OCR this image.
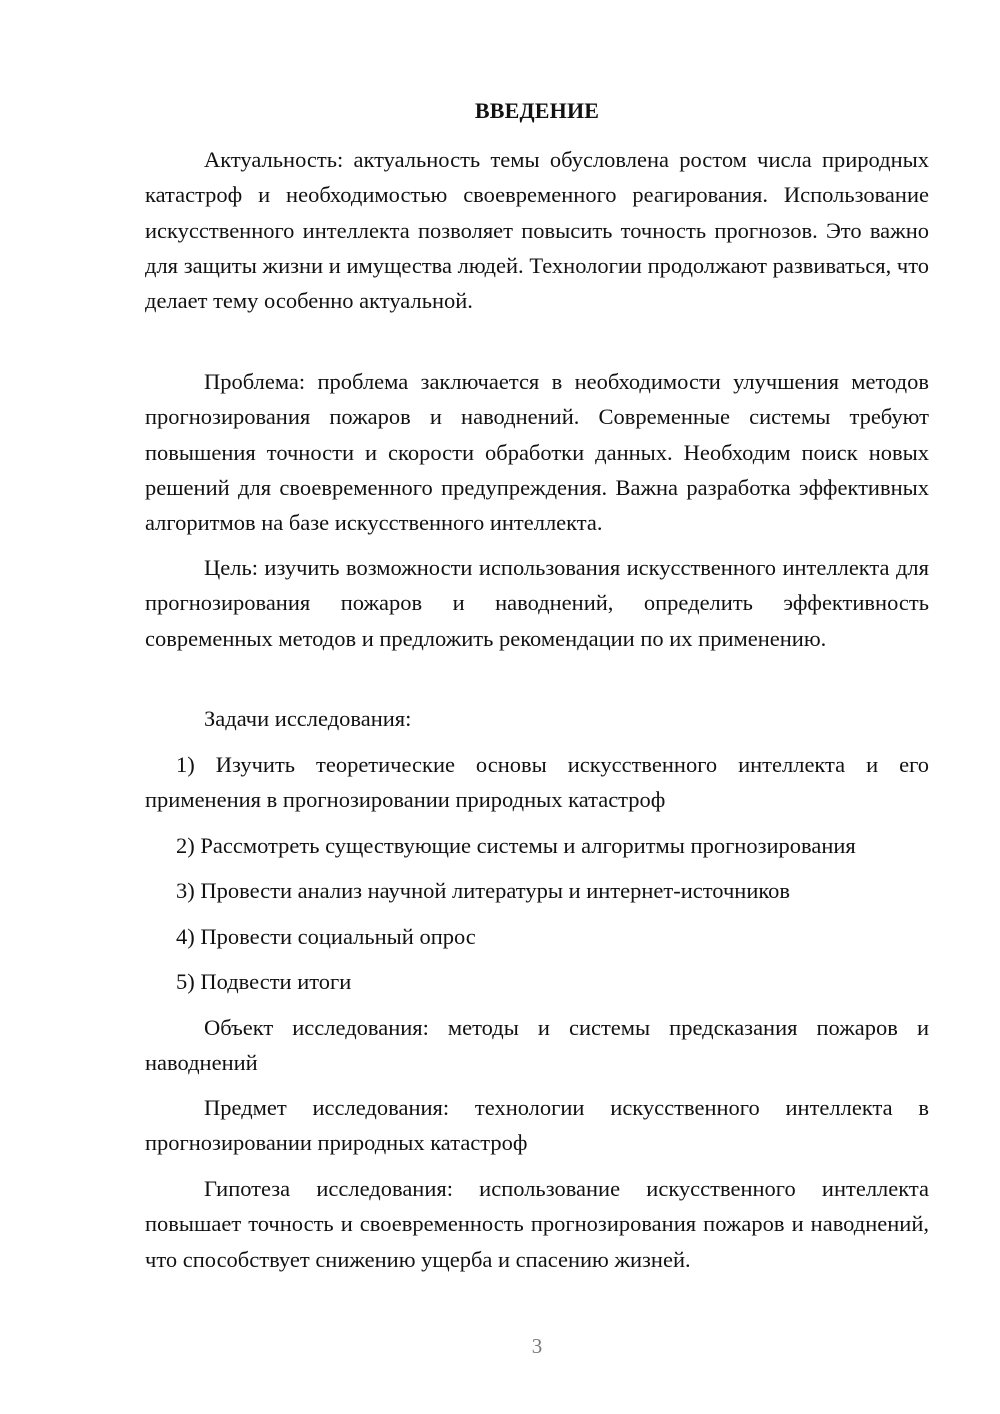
ВВЕДЕНИЕ

Актуальность: актуальность темы обусловлена ростом числа природных катастроф и необходимостью своевременного реагирования. Использование искусственного интеллекта позволяет повысить точность прогнозов. Это важно для защиты жизни и имущества людей. Технологии продолжают развиваться, что делает тему особенно актуальной.

Проблема: проблема заключается в необходимости улучшения методов прогнозирования пожаров и наводнений. Современные системы требуют повышения точности и скорости обработки данных. Необходим поиск новых решений для своевременного предупреждения. Важна разработка эффективных алгоритмов на базе искусственного интеллекта.

Цель: изучить возможности использования искусственного интеллекта для прогнозирования пожаров и наводнений, определить эффективность современных методов и предложить рекомендации по их применению.

Задачи исследования:

1) Изучить теоретические основы искусственного интеллекта и его применения в прогнозировании природных катастроф

2) Рассмотреть существующие системы и алгоритмы прогнозирования

3) Провести анализ научной литературы и интернет-источников

4) Провести социальный опрос

5) Подвести итоги

Объект исследования: методы и системы предсказания пожаров и наводнений

Предмет исследования: технологии искусственного интеллекта в прогнозировании природных катастроф

Гипотеза исследования: использование искусственного интеллекта повышает точность и своевременность прогнозирования пожаров и наводнений, что способствует снижению ущерба и спасению жизней.

3
